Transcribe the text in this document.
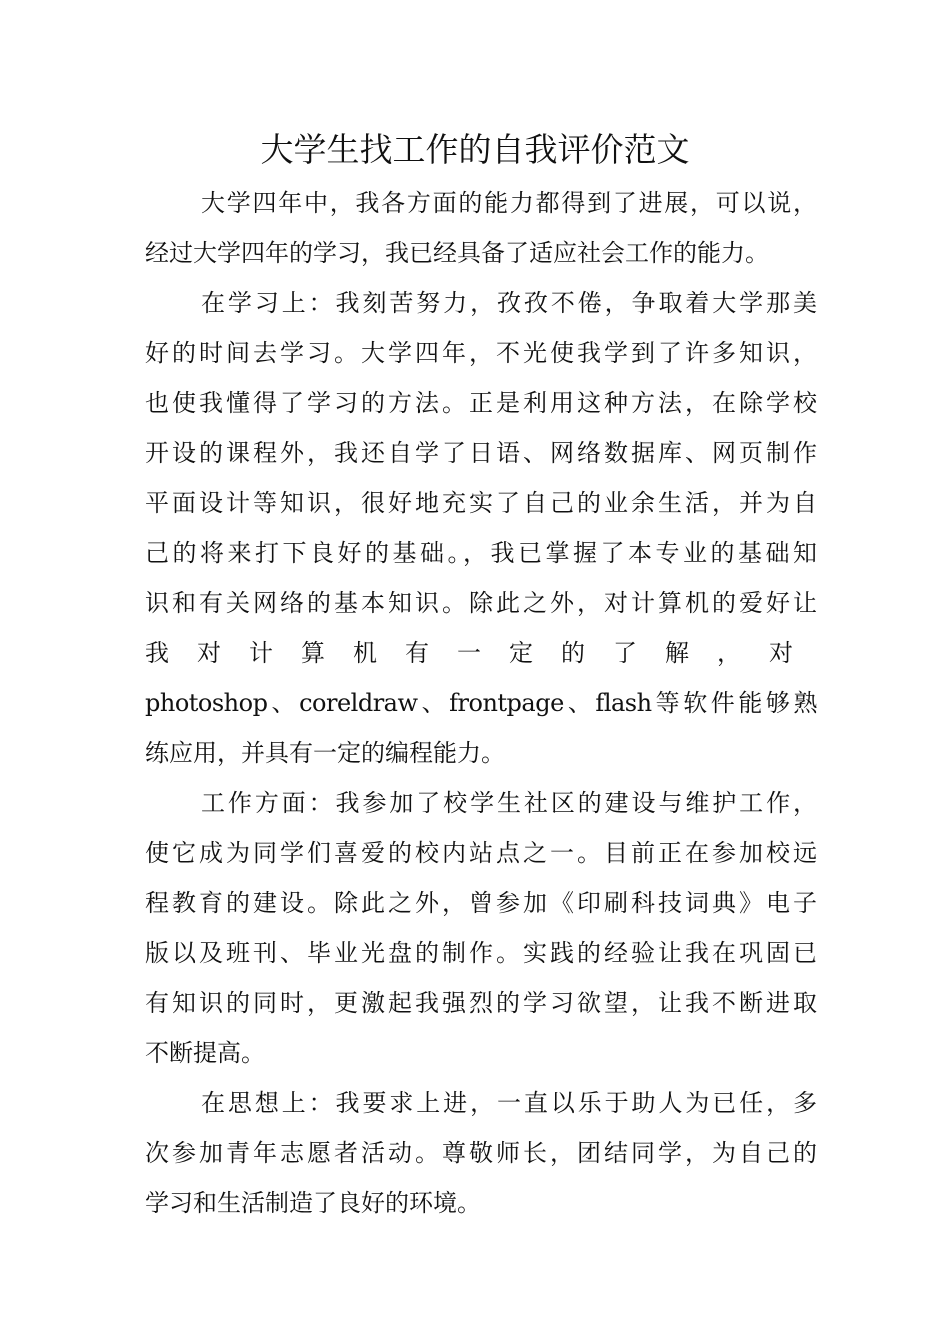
大学生找工作的自我评价范文
大学四年中，我各方面的能力都得到了进展，可以说，
经过大学四年的学习，我已经具备了适应社会工作的能力。
在学习上：我刻苦努力，孜孜不倦，争取着大学那美
好的时间去学习。大学四年，不光使我学到了许多知识，
也使我懂得了学习的方法。正是利用这种方法，在除学校
开设的课程外，我还自学了日语、网络数据库、网页制作
平面设计等知识，很好地充实了自己的业余生活，并为自
己的将来打下良好的基础。，我已掌握了本专业的基础知
识和有关网络的基本知识。除此之外，对计算机的爱好让
我对计算机有一定的了解，对
photoshop、coreldraw、frontpage、flash等软件能够熟
练应用，并具有一定的编程能力。
工作方面：我参加了校学生社区的建设与维护工作，
使它成为同学们喜爱的校内站点之一。目前正在参加校远
程教育的建设。除此之外，曾参加《印刷科技词典》电子
版以及班刊、毕业光盘的制作。实践的经验让我在巩固已
有知识的同时，更激起我强烈的学习欲望，让我不断进取
不断提高。
在思想上：我要求上进，一直以乐于助人为已任，多
次参加青年志愿者活动。尊敬师长，团结同学，为自己的
学习和生活制造了良好的环境。
